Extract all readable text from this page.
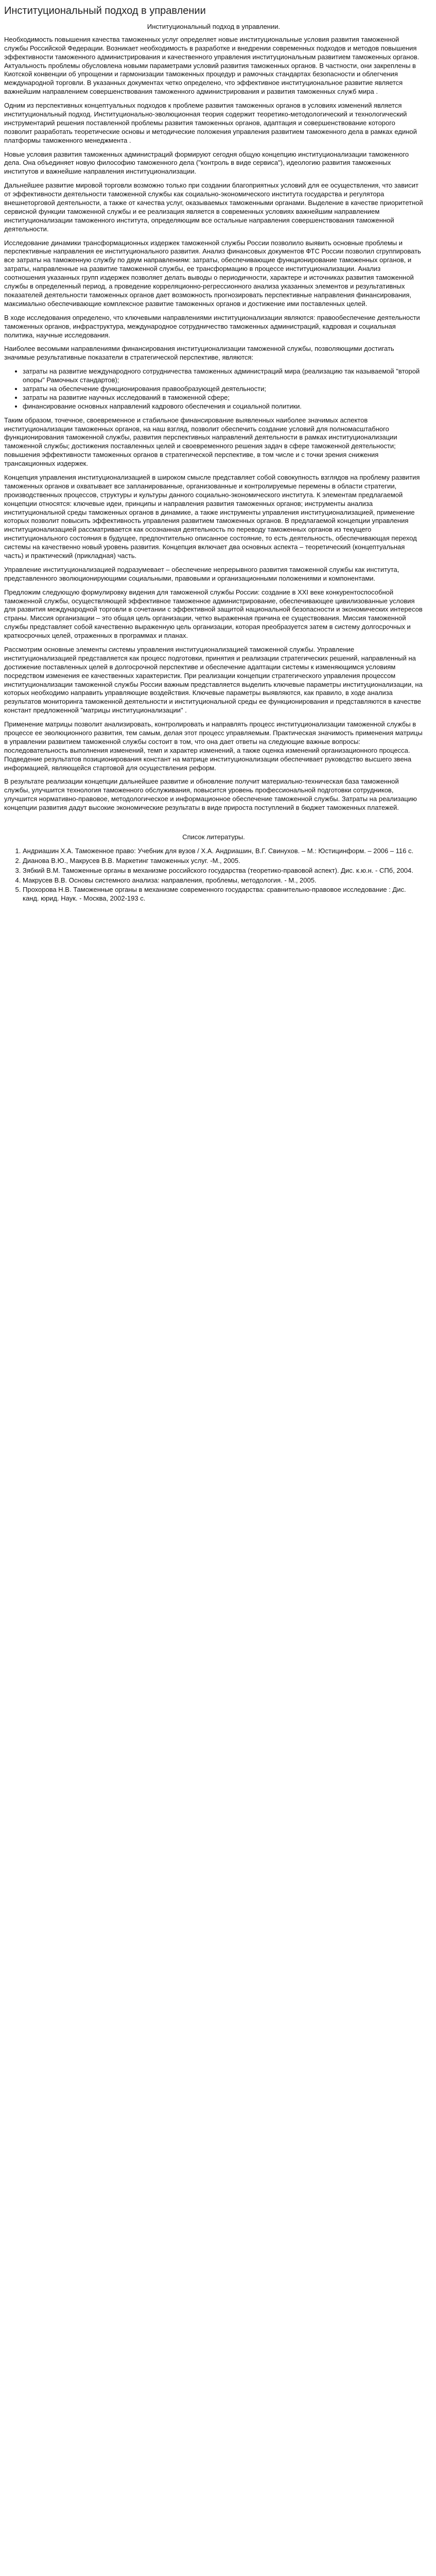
Институциональный подход в управлении

Институциональный подход в управлении.

Необходимость повышения качества таможенных услуг определяет новые институциональные условия развития таможенной службы Российской Федерации. Возникает необходимость в разработке и внедрении современных подходов и методов повышения эффективности таможенного администрирования и качественного управления институциональным развитием таможенных органов. Актуальность проблемы обусловлена новыми параметрами условий развития таможенных органов. В частности, они закреплены в Киотской конвенции об упрощении и гармонизации таможенных процедур и рамочных стандартах безопасности и облегчения международной торговли. В указанных документах четко определено, что эффективное институциональное развитие является важнейшим направлением совершенствования таможенного администрирования и развития таможенных служб мира .

Одним из перспективных концептуальных подходов к проблеме развития таможенных органов в условиях изменений является институциональный подход. Институционально-эволюционная теория содержит теоретико-методологический и технологический инструментарий решения поставленной проблемы развития таможенных органов, адаптация и совершенствование которого позволит разработать теоретические основы и методические положения управления развитием таможенного дела в рамках единой платформы таможенного менеджмента .

Новые условия развития таможенных администраций формируют сегодня общую концепцию институционализации таможенного дела. Она объединяет новую философию таможенного дела ("контроль в виде сервиса"), идеологию развития таможенных институтов и важнейшие направления институционализации.

Дальнейшее развитие мировой торговли возможно только при создании благоприятных условий для ее осуществления, что зависит от эффективности деятельности таможенной службы как социально-экономического института государства и регулятора внешнеторговой деятельности, а также от качества услуг, оказываемых таможенными органами. Выделение в качестве приоритетной сервисной функции таможенной службы и ее реализация является в современных условиях важнейшим направлением институционализации таможенного института, определяющим все остальные направления совершенствования таможенной деятельности.

Исследование динамики трансформационных издержек таможенной службы России позволило выявить основные проблемы и перспективные направления ее институционального развития. Анализ финансовых документов ФТС России позволил сгруппировать все затраты на таможенную службу по двум направлениям: затраты, обеспечивающие функционирование таможенных органов, и затраты, направленные на развитие таможенной службы, ее трансформацию в процессе институционализации. Анализ соотношения указанных групп издержек позволяет делать выводы о периодичности, характере и источниках развития таможенной службы в определенный период, а проведение корреляционно-регрессионного анализа указанных элементов и результативных показателей деятельности таможенных органов дает возможность прогнозировать перспективные направления финансирования, максимально обеспечивающие комплексное развитие таможенных органов и достижение ими поставленных целей.

В ходе исследования определено, что ключевыми направлениями институционализации являются: правообеспечение деятельности таможенных органов, инфраструктура, международное сотрудничество таможенных администраций, кадровая и социальная политика, научные исследования.

Наиболее весомыми направлениями финансирования институционализации таможенной службы, позволяющими достигать значимые результативные показатели в стратегической перспективе, являются:

• затраты на развитие международного сотрудничества таможенных администраций мира (реализацию так называемой "второй опоры" Рамочных стандартов);
• затраты на обеспечение функционирования правообразующей деятельности;
• затраты на развитие научных исследований в таможенной сфере;
• финансирование основных направлений кадрового обеспечения и социальной политики.

Таким образом, точечное, своевременное и стабильное финансирование выявленных наиболее значимых аспектов институционализации таможенных органов, на наш взгляд, позволит обеспечить создание условий для полномасштабного функционирования таможенной службы, развития перспективных направлений деятельности в рамках институционализации таможенной службы; достижения поставленных целей и своевременного решения задач в сфере таможенной деятельности; повышения эффективности таможенных органов в стратегической перспективе, в том числе и с точки зрения снижения трансакционных издержек.

Концепция управления институционализацией в широком смысле представляет собой совокупность взглядов на проблему развития таможенных органов и охватывает все запланированные, организованные и контролируемые перемены в области стратегии, производственных процессов, структуры и культуры данного социально-экономического института. К элементам предлагаемой концепции относятся: ключевые идеи, принципы и направления развития таможенных органов; инструменты анализа институциональной среды таможенных органов в динамике, а также инструменты управления институционализацией, применение которых позволит повысить эффективность управления развитием таможенных органов. В предлагаемой концепции управления институционализацией рассматривается как осознанная деятельность по переводу таможенных органов из текущего институционального состояния в будущее, предпочтительно описанное состояние, то есть деятельность, обеспечивающая переход системы на качественно новый уровень развития. Концепция включает два основных аспекта – теоретический (концептуальная часть) и практический (прикладная) часть.

Управление институционализацией подразумевает – обеспечение непрерывного развития таможенной службы как института, представленного эволюционирующими социальными, правовыми и организационными положениями и компонентами.

Предложим следующую формулировку видения для таможенной службы России: создание в XXI веке конкурентоспособной таможенной службы, осуществляющей эффективное таможенное администрирование, обеспечивающее цивилизованные условия для развития международной торговли в сочетании с эффективной защитой национальной безопасности и экономических интересов страны. Миссия организации – это общая цель организации, четко выраженная причина ее существования. Миссия таможенной службы представляет собой качественно выраженную цель организации, которая преобразуется затем в систему долгосрочных и краткосрочных целей, отраженных в программах и планах.

Рассмотрим основные элементы системы управления институционализацией таможенной службы. Управление институционализацией представляется как процесс подготовки, принятия и реализации стратегических решений, направленный на достижение поставленных целей в долгосрочной перспективе и обеспечение адаптации системы к изменяющимся условиям посредством изменения ее качественных характеристик. При реализации концепции стратегического управления процессом институционализации таможенной службы России важным представляется выделить ключевые параметры институционализации, на которых необходимо направить управляющие воздействия. Ключевые параметры выявляются, как правило, в ходе анализа результатов мониторинга таможенной деятельности и институциональной среды ее функционирования и представляются в качестве констант предложенной "матрицы институционализации" .

Применение матрицы позволит анализировать, контролировать и направлять процесс институционализации таможенной службы в процессе ее эволюционного развития, тем самым, делая этот процесс управляемым. Практическая значимость применения матрицы в управлении развитием таможенной службы состоит в том, что она дает ответы на следующие важные вопросы: последовательность выполнения изменений, темп и характер изменений, а также оценка изменений организационного процесса. Подведение результатов позиционирования констант на матрице институционализации обеспечивает руководство высшего звена информацией, являющейся стартовой для осуществления реформ.

В результате реализации концепции дальнейшее развитие и обновление получит материально-техническая база таможенной службы, улучшится технология таможенного обслуживания, повысится уровень профессиональной подготовки сотрудников, улучшится нормативно-правовое, методологическое и информационное обеспечение таможенной службы. Затраты на реализацию концепции развития дадут высокие экономические результаты в виде прироста поступлений в бюджет таможенных платежей.

Список литературы.

1. Андриашин Х.А. Таможенное право: Учебник для вузов / Х.А. Андриашин, В.Г. Свинухов. – М.: Юстицинформ. – 2006 – 116 с.
2. Дианова В.Ю., Макрусев В.В. Маркетинг таможенных услуг. -М., 2005.
3. Зябкий В.М. Таможенные органы в механизме российского государства (теоретико-правовой аспект). Дис. к.ю.н. - СПб, 2004.
4. Макрусев В.В. Основы системного анализа: направления, проблемы, методология. - М., 2005.
5. Прохорова Н.В. Таможенные органы в механизме современного государства: сравнительно-правовое исследование : Дис. канд. юрид. Наук. - Москва, 2002-193 с.
